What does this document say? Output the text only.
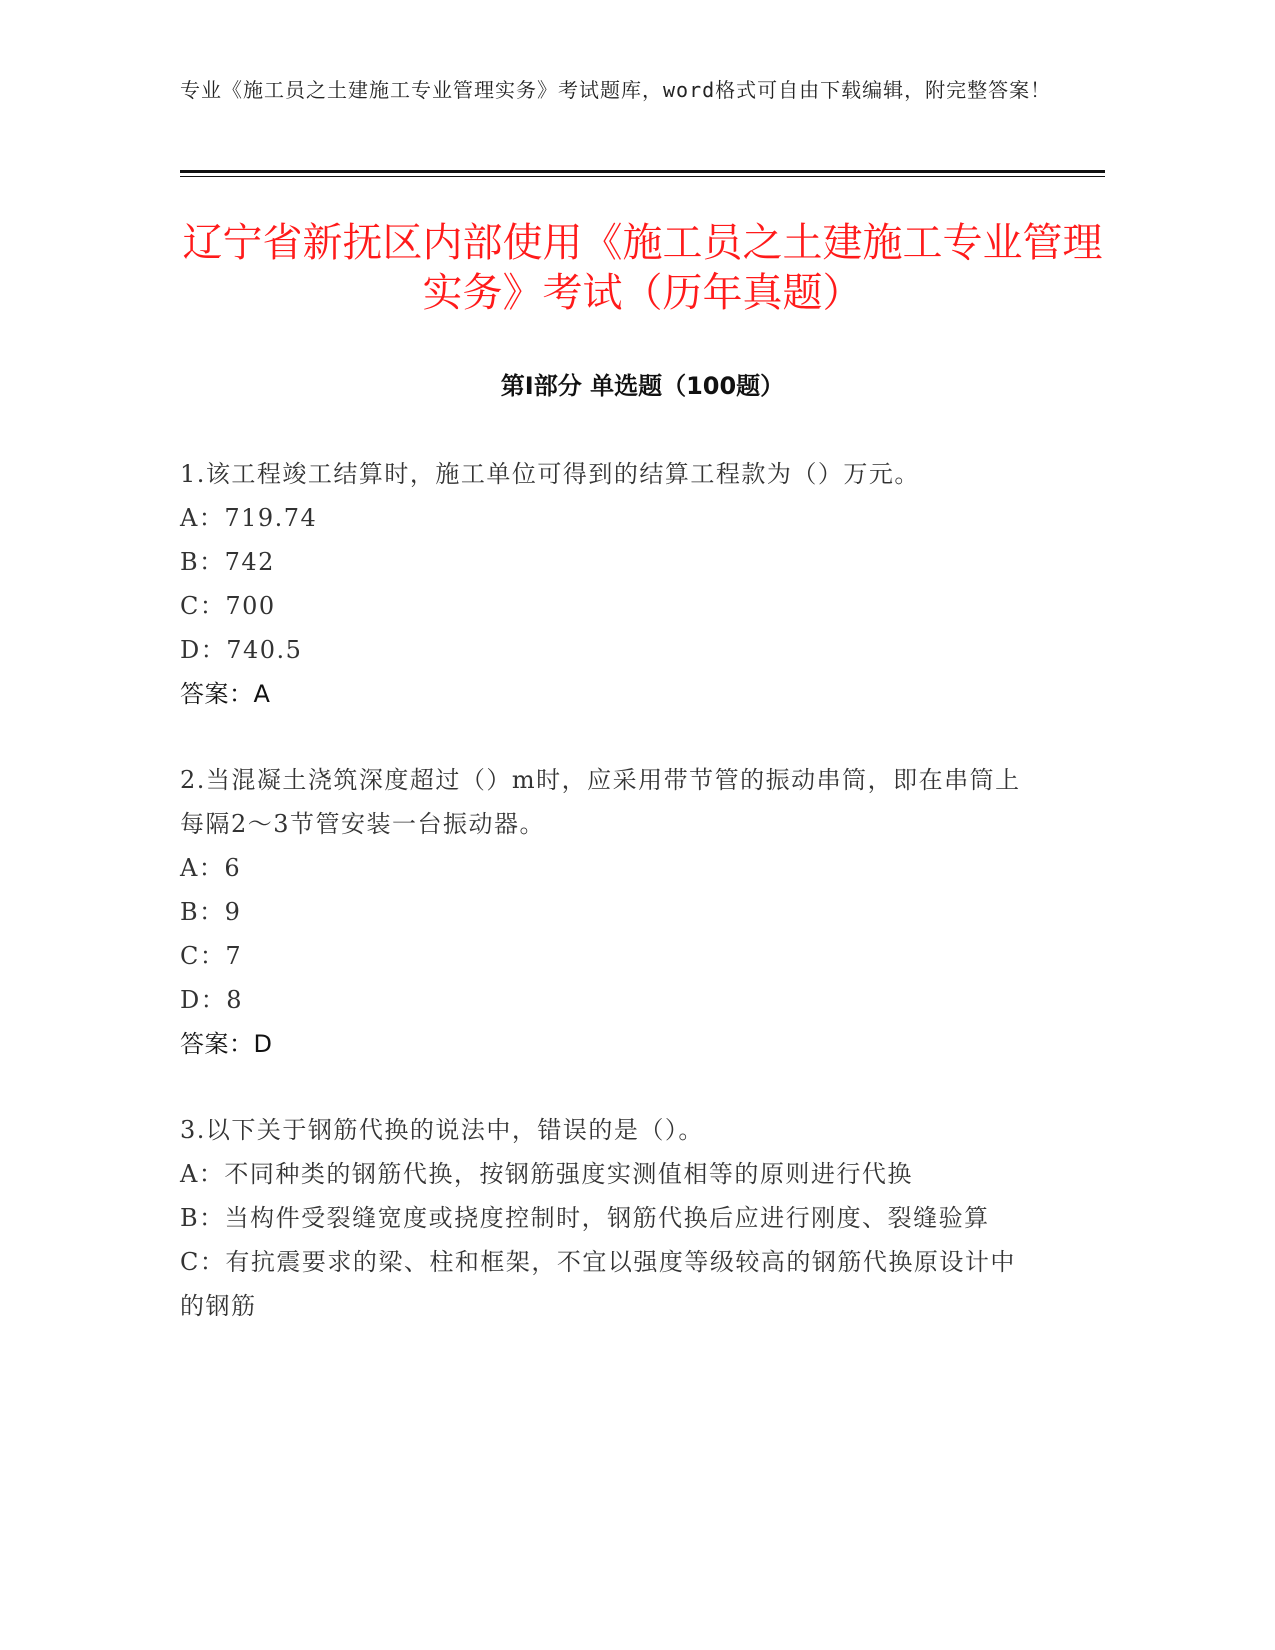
专业《施工员之土建施工专业管理实务》考试题库，word格式可自由下载编辑，附完整答案！
辽宁省新抚区内部使用《施工员之土建施工专业管理实务》考试（历年真题）
第Ⅰ部分 单选题（100题）

1.该工程竣工结算时，施工单位可得到的结算工程款为（）万元。

A：719.74

B：742

C：700

D：740.5

答案：A

2.当混凝土浇筑深度超过（）m时，应采用带节管的振动串筒，即在串筒上每隔2～3节管安装一台振动器。

A：6

B：9

C：7

D：8

答案：D

3.以下关于钢筋代换的说法中，错误的是（）。

A：不同种类的钢筋代换，按钢筋强度实测值相等的原则进行代换

B：当构件受裂缝宽度或挠度控制时，钢筋代换后应进行刚度、裂缝验算

C：有抗震要求的梁、柱和框架，不宜以强度等级较高的钢筋代换原设计中的钢筋
